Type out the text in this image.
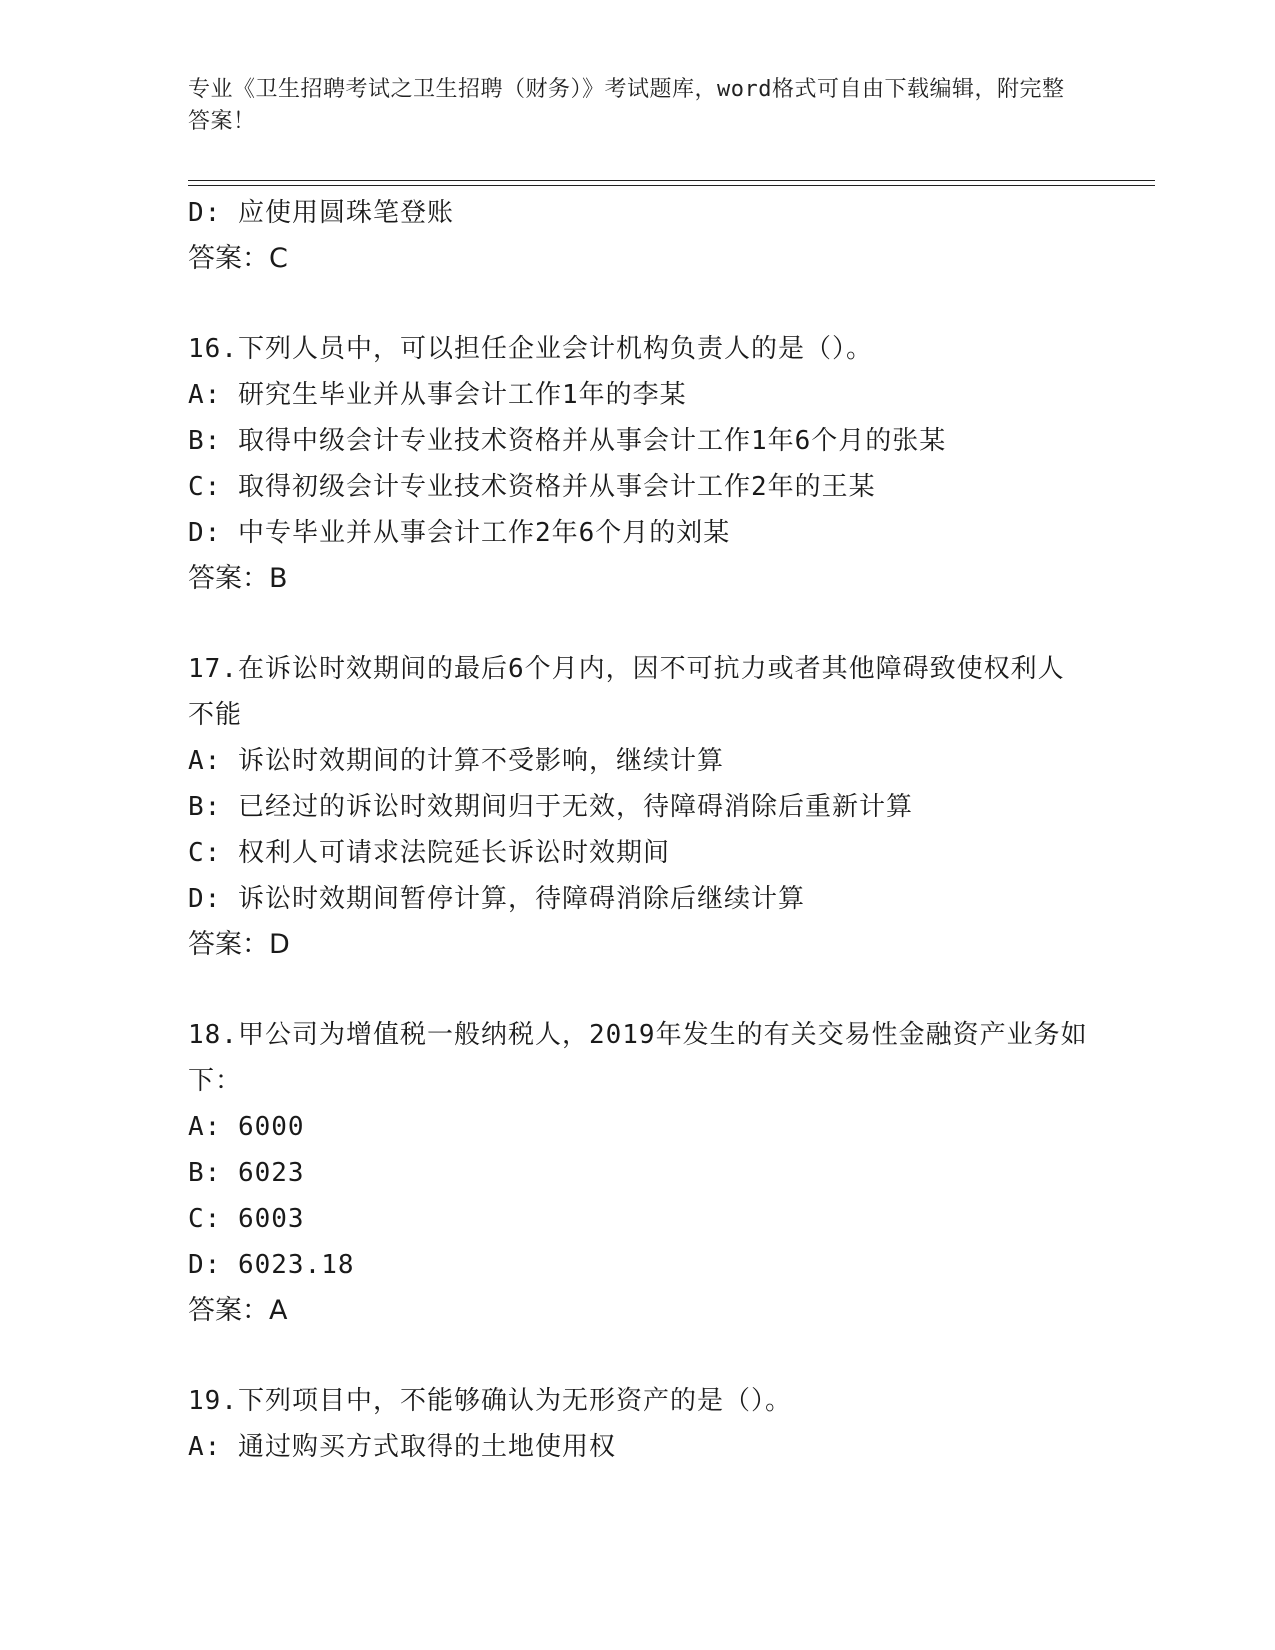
专业《卫生招聘考试之卫生招聘（财务）》考试题库，word格式可自由下载编辑，附完整答案！
D: 应使用圆珠笔登账
答案：C
16.下列人员中，可以担任企业会计机构负责人的是（）。
A: 研究生毕业并从事会计工作1年的李某
B: 取得中级会计专业技术资格并从事会计工作1年6个月的张某
C: 取得初级会计专业技术资格并从事会计工作2年的王某
D: 中专毕业并从事会计工作2年6个月的刘某
答案：B
17.在诉讼时效期间的最后6个月内，因不可抗力或者其他障碍致使权利人不能
A: 诉讼时效期间的计算不受影响，继续计算
B: 已经过的诉讼时效期间归于无效，待障碍消除后重新计算
C: 权利人可请求法院延长诉讼时效期间
D: 诉讼时效期间暂停计算，待障碍消除后继续计算
答案：D
18.甲公司为增值税一般纳税人，2019年发生的有关交易性金融资产业务如下：
A: 6000
B: 6023
C: 6003
D: 6023.18
答案：A
19.下列项目中，不能够确认为无形资产的是（）。
A: 通过购买方式取得的土地使用权
